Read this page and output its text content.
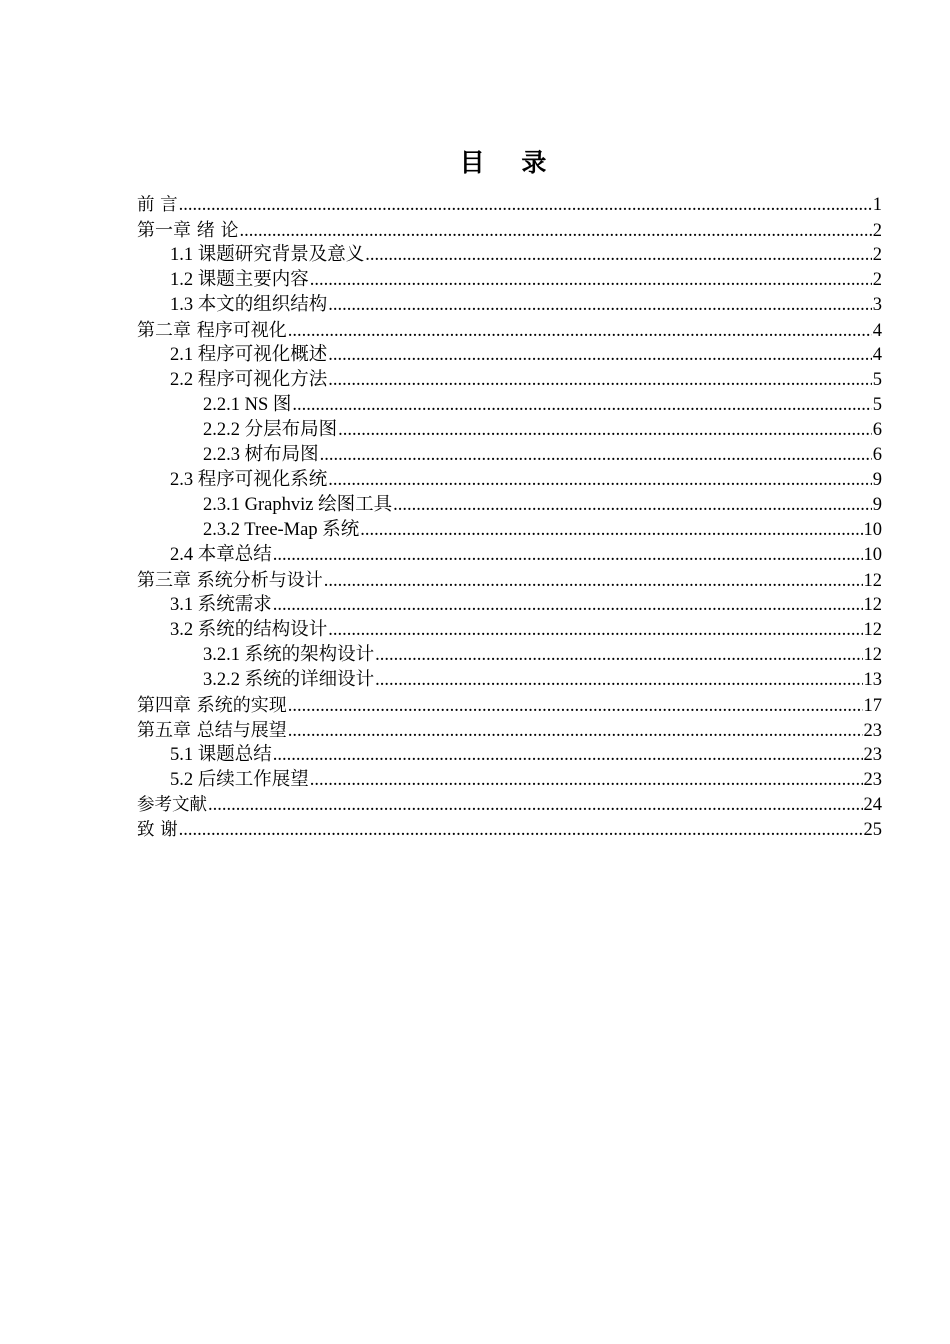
目 录
前 言 .....	1
第一章 绪 论 .....	2
1.1 课题研究背景及意义 .....	2
1.2 课题主要内容 .....	2
1.3 本文的组织结构 .....	3
第二章 程序可视化 .....	4
2.1 程序可视化概述 .....	4
2.2 程序可视化方法 .....	5
2.2.1 NS 图 .....	5
2.2.2 分层布局图 .....	6
2.2.3 树布局图 .....	6
2.3 程序可视化系统 .....	9
2.3.1 Graphviz 绘图工具 .....	9
2.3.2 Tree-Map 系统 .....	10
2.4 本章总结 .....	10
第三章 系统分析与设计 .....	12
3.1 系统需求 .....	12
3.2 系统的结构设计 .....	12
3.2.1 系统的架构设计 .....	12
3.2.2 系统的详细设计 .....	13
第四章 系统的实现 .....	17
第五章 总结与展望 .....	23
5.1 课题总结 .....	23
5.2 后续工作展望 .....	23
参考文献 .....	24
致 谢 .....	25
